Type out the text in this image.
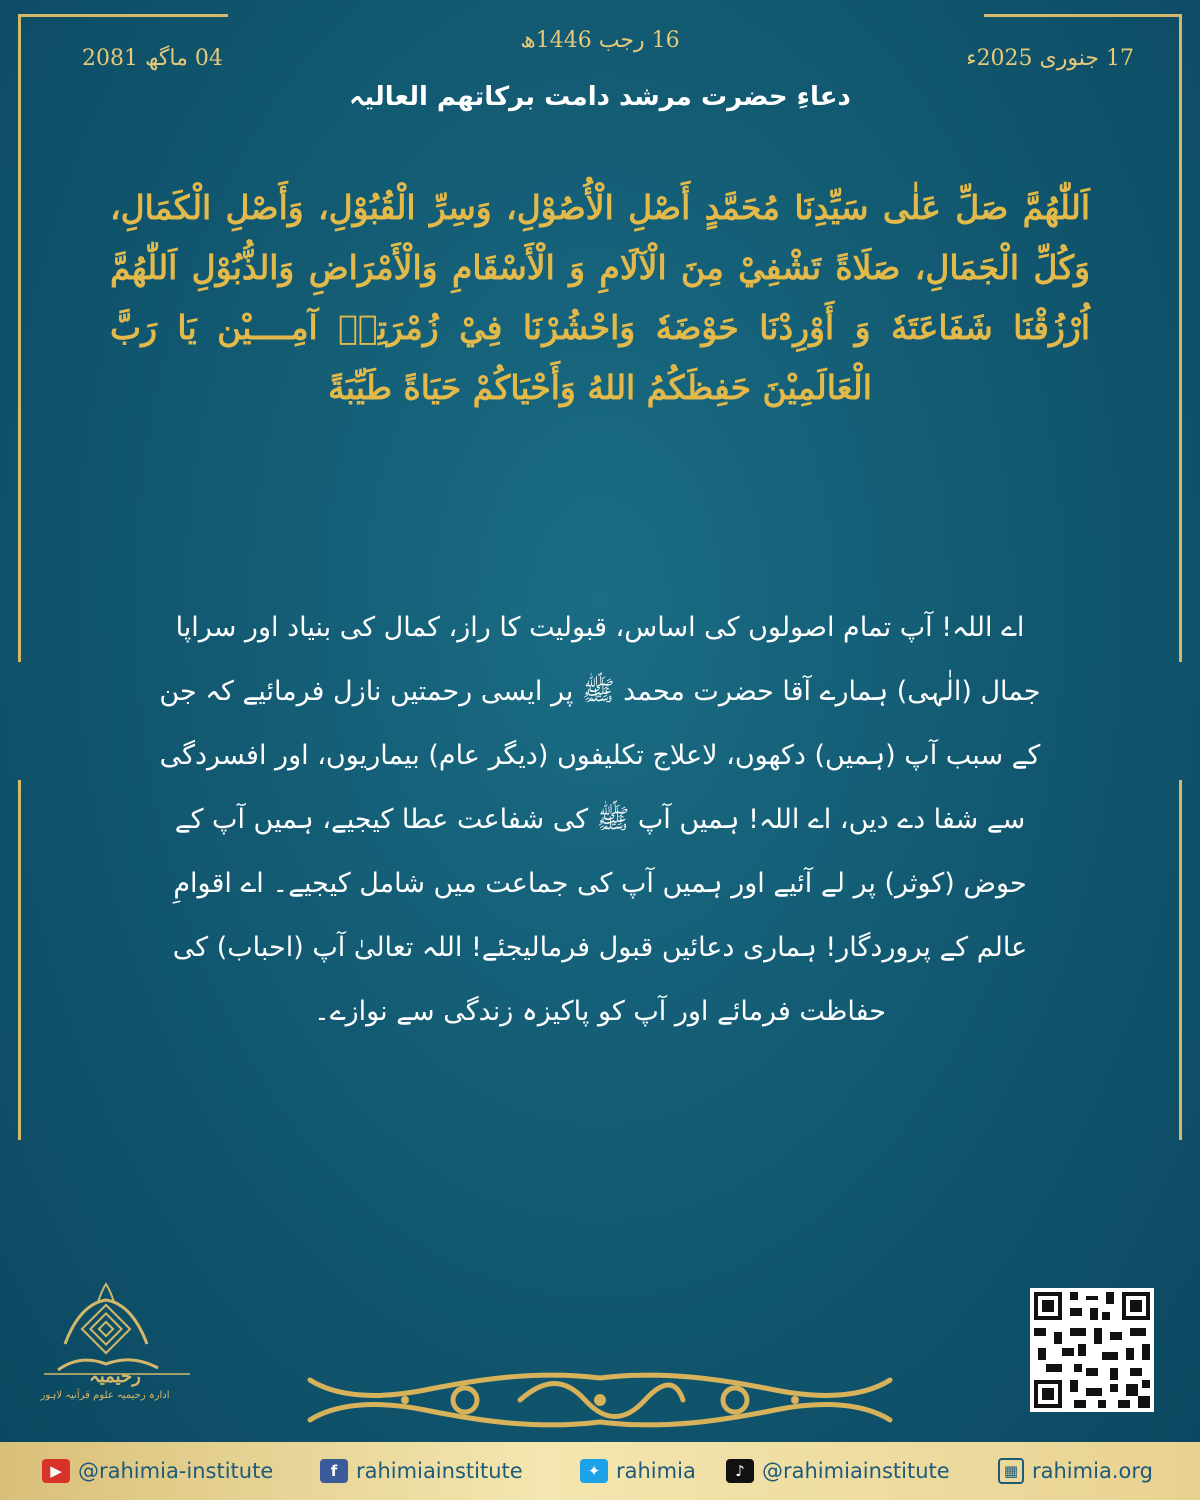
16 رجب 1446ھ
17 جنوری 2025ء
04 ماگھ 2081
دعاءِ حضرت مرشد دامت برکاتھم العالیہ
اَللّٰهُمَّ صَلِّ عَلٰى سَيِّدِنَا مُحَمَّدٍ أَصْلِ الْأُصُوْلِ، وَسِرِّ الْقُبُوْلِ، وَأَصْلِ الْكَمَالِ، وَكُلِّ الْجَمَالِ، صَلَاةً تَشْفِيْ مِنَ الْآلَامِ وَ الْأَسْقَامِ وَالْأَمْرَاضِ وَالذُّبُوْلِ اَللّٰهُمَّ اُرْزُقْنَا شَفَاعَتَهٗ وَ أَوْرِدْنَا حَوْضَهٗ وَاحْشُرْنَا فِيْ زُمْرَتِهٖ آمِــــيْن يَا رَبَّ الْعَالَمِيْنَ حَفِظَكُمُ اللهُ وَأَحْيَاكُمْ حَيَاةً طَيِّبَةً
اے اللہ! آپ تمام اصولوں کی اساس، قبولیت کا راز، کمال کی بنیاد اور سراپا جمال (الٰہی) ہمارے آقا حضرت محمد ﷺ پر ایسی رحمتیں نازل فرمائیے کہ جن کے سبب آپ (ہمیں) دکھوں، لاعلاج تکلیفوں (دیگر عام) بیماریوں، اور افسردگی سے شفا دے دیں، اے اللہ! ہمیں آپ ﷺ کی شفاعت عطا کیجیے، ہمیں آپ کے حوض (کوثر) پر لے آئیے اور ہمیں آپ کی جماعت میں شامل کیجیے۔ اے اقوامِ عالم کے پروردگار! ہماری دعائیں قبول فرمالیجئے! اللہ تعالیٰ آپ (احباب) کی حفاظت فرمائے اور آپ کو پاکیزہ زندگی سے نوازے۔
رحیمیہ
ادارہ رحیمیہ علوم قرآنیہ لاہور
▶ @rahimia-institute	f rahimiainstitute	✦ rahimia	♪ @rahimiainstitute	▦ rahimia.org
